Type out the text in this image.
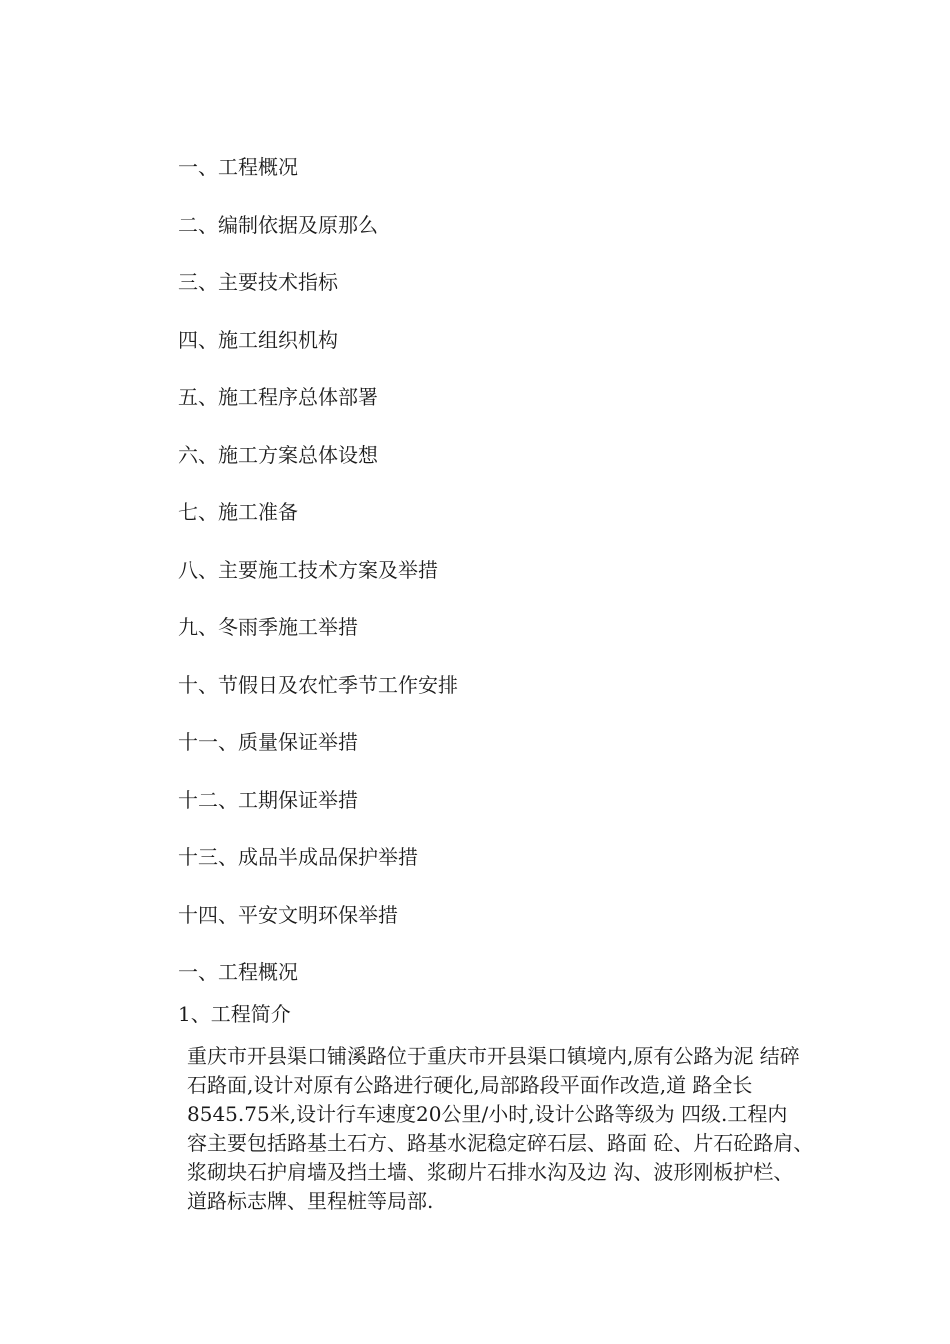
一、工程概况
二、编制依据及原那么
三、主要技术指标
四、施工组织机构
五、施工程序总体部署
六、施工方案总体设想
七、施工准备
八、主要施工技术方案及举措
九、冬雨季施工举措
十、节假日及农忙季节工作安排
十一、质量保证举措
十二、工期保证举措
十三、成品半成品保护举措
十四、平安文明环保举措
一、工程概况
1、工程简介

重庆市开县渠口铺溪路位于重庆市开县渠口镇境内,原有公路为泥 结碎
石路面,设计对原有公路进行硬化,局部路段平面作改造,道 路全长
8545.75米,设计行车速度20公里/小时,设计公路等级为 四级.工程内
容主要包括路基土石方、路基水泥稳定碎石层、路面 砼、片石砼路肩、
浆砌块石护肩墙及挡土墙、浆砌片石排水沟及边 沟、波形刚板护栏、
道路标志牌、里程桩等局部.
